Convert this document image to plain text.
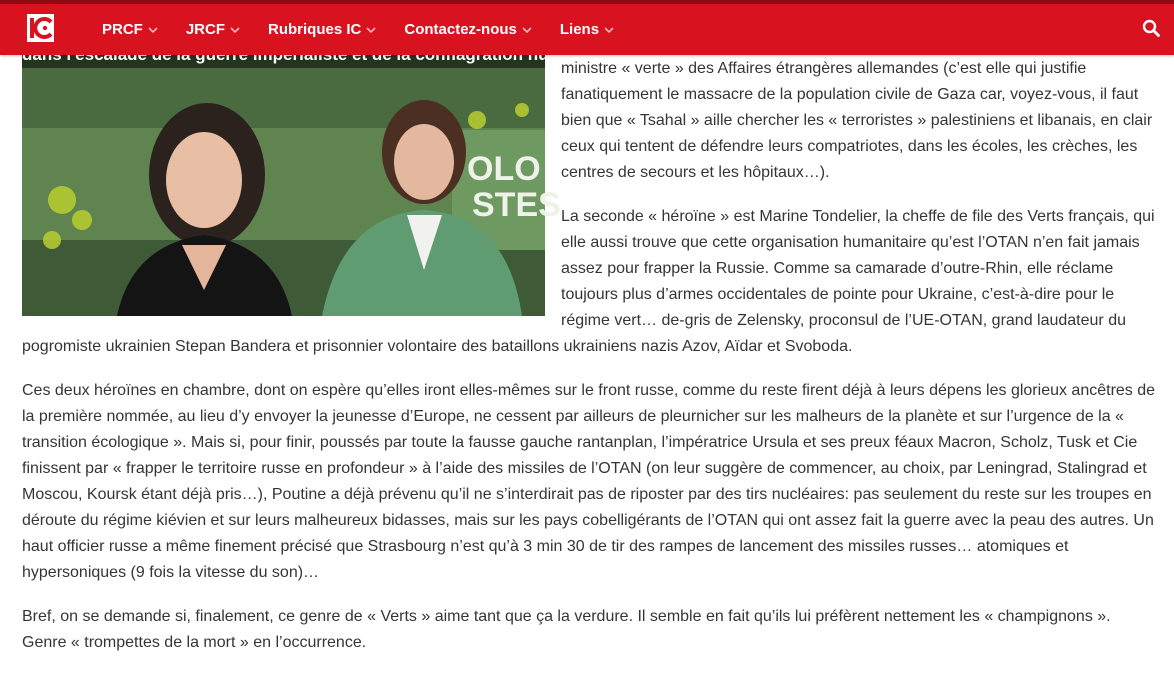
PRCF	JRCF	Rubriques IC	Contactez-nous	Liens
OLO
STES

ministre « verte » des Affaires étrangères allemandes (c’est elle qui justifie fanatiquement le massacre de la population civile de Gaza car, voyez-vous, il faut bien que « Tsahal » aille chercher les « terroristes » palestiniens et libanais, en clair ceux qui tentent de défendre leurs compatriotes, dans les écoles, les crèches, les centres de secours et les hôpitaux…).

La seconde « héroïne » est Marine Tondelier, la cheffe de file des Verts français, qui elle aussi trouve que cette organisation humanitaire qu’est l’OTAN n’en fait jamais assez pour frapper la Russie. Comme sa camarade d’outre-Rhin, elle réclame toujours plus d’armes occidentales de pointe pour Ukraine, c’est-à-dire pour le régime vert… de-gris de Zelensky, proconsul de l’UE-OTAN, grand laudateur du pogromiste ukrainien Stepan Bandera et prisonnier volontaire des bataillons ukrainiens nazis Azov, Aïdar et Svoboda.

Ces deux héroïnes en chambre, dont on espère qu’elles iront elles-mêmes sur le front russe, comme du reste firent déjà à leurs dépens les glorieux ancêtres de la première nommée, au lieu d’y envoyer la jeunesse d’Europe, ne cessent par ailleurs de pleurnicher sur les malheurs de la planète et sur l’urgence de la « transition écologique ». Mais si, pour finir, poussés par toute la fausse gauche rantanplan, l’impératrice Ursula et ses preux féaux Macron, Scholz, Tusk et Cie finissent par « frapper le territoire russe en profondeur » à l’aide des missiles de l’OTAN (on leur suggère de commencer, au choix, par Leningrad, Stalingrad et Moscou, Koursk étant déjà pris…), Poutine a déjà prévenu qu’il ne s’interdirait pas de riposter par des tirs nucléaires: pas seulement du reste sur les troupes en déroute du régime kiévien et sur leurs malheureux bidasses, mais sur les pays cobelligérants de l’OTAN qui ont assez fait la guerre avec la peau des autres. Un haut officier russe a même finement précisé que Strasbourg n’est qu’à 3 min 30 de tir des rampes de lancement des missiles russes… atomiques et hypersoniques (9 fois la vitesse du son)…

Bref, on se demande si, finalement, ce genre de « Verts » aime tant que ça la verdure. Il semble en fait qu’ils lui préfèrent nettement les « champignons ». Genre « trompettes de la mort » en l’occurrence.
